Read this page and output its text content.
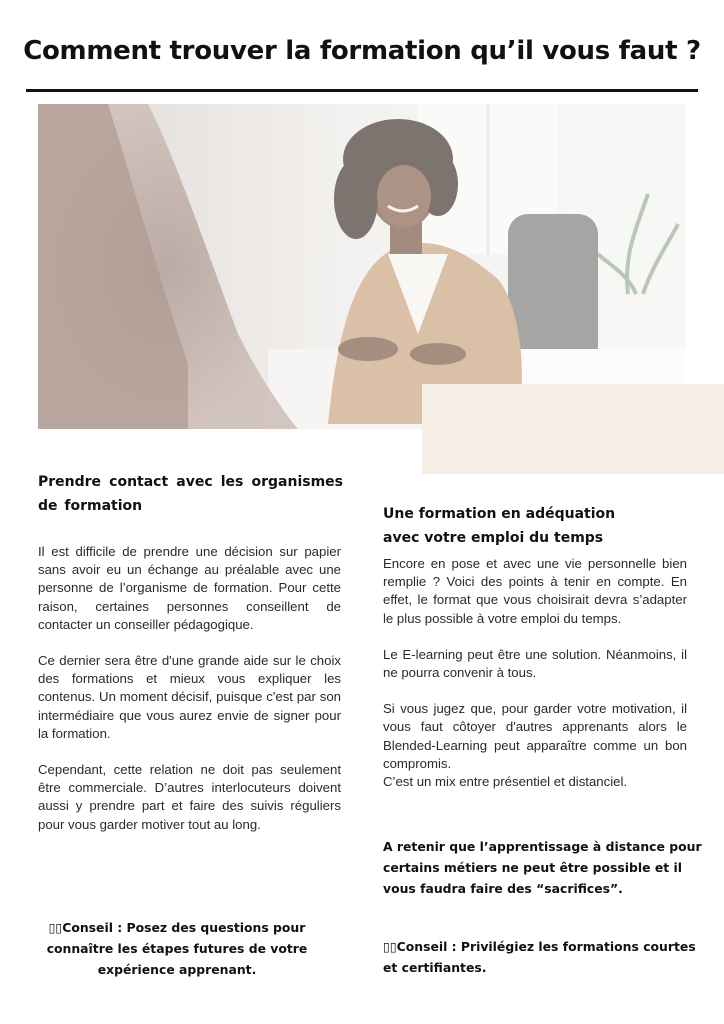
Comment trouver la formation qu’il vous faut ?
Prendre contact avec les organismes de formation

Il est difficile de prendre une décision sur papier sans avoir eu un échange au préalable avec une personne de l’organisme de formation. Pour cette raison, certaines personnes conseillent de contacter un conseiller pédagogique.

Ce dernier sera être d'une grande aide sur le choix des formations et mieux vous expliquer les contenus. Un moment décisif, puisque c'est par son intermédiaire que vous aurez envie de signer pour la formation.

Cependant, cette relation ne doit pas seulement être commerciale. D’autres interlocuteurs doivent aussi y prendre part et faire des suivis réguliers pour vous garder motiver tout au long.

▯▯Conseil : Posez des questions pour connaître les étapes futures de votre expérience apprenant.
Une formation en adéquation
avec votre emploi du temps

Encore en pose et avec une vie personnelle bien remplie ? Voici des points à tenir en compte. En effet, le format que vous choisirait devra s’adapter le plus possible à votre emploi du temps.

Le E-learning peut être une solution. Néanmoins, il ne pourra convenir à tous.

Si vous jugez que, pour garder votre motivation, il vous faut côtoyer d'autres apprenants alors le Blended-Learning peut apparaître comme un bon compromis.

C’est un mix entre présentiel et distanciel.

A retenir que l’apprentissage à distance pour certains métiers ne peut être possible et il vous faudra faire des “sacrifices”.
▯▯Conseil : Privilégiez les formations courtes et certifiantes.
